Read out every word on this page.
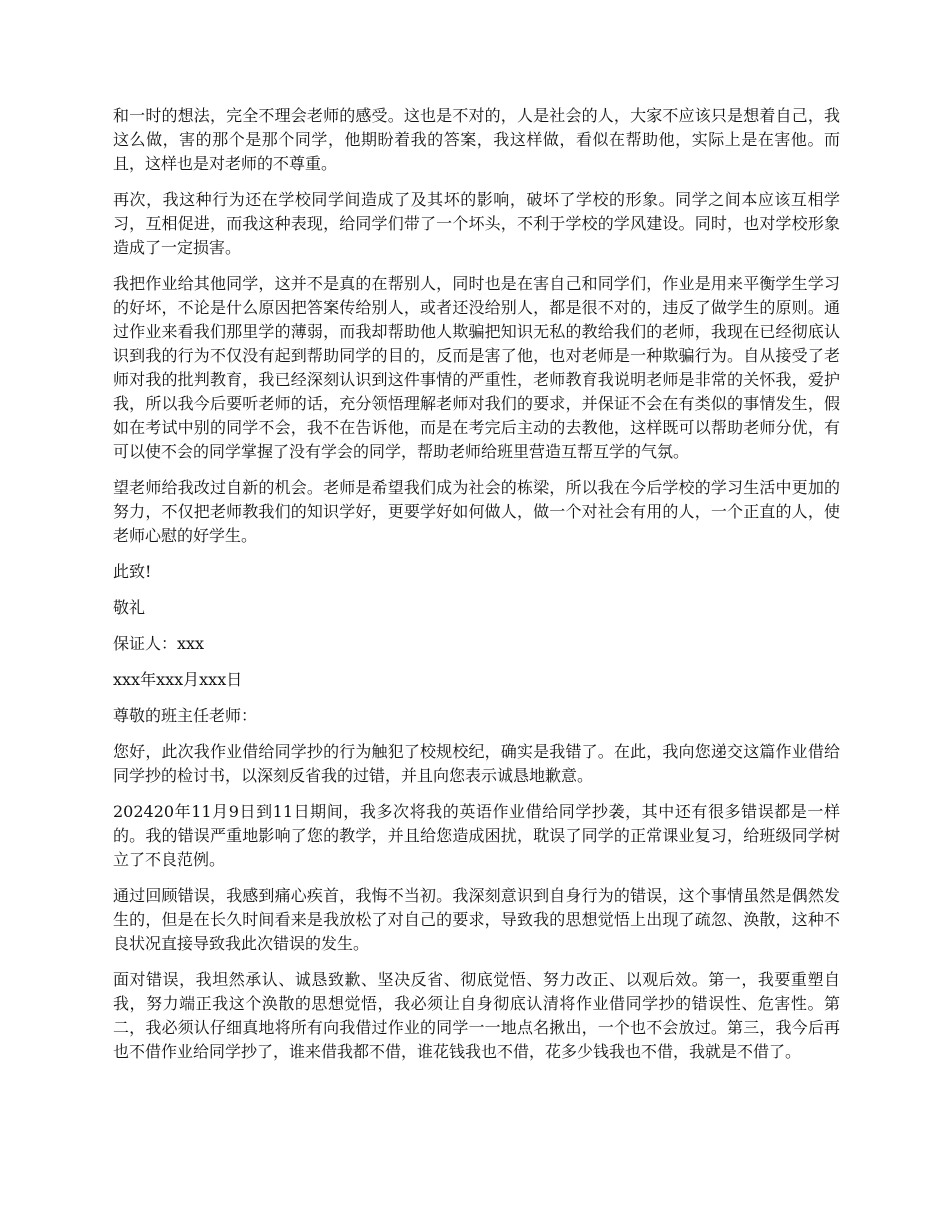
和一时的想法，完全不理会老师的感受。这也是不对的，人是社会的人，大家不应该只是想着自己，我这么做，害的那个是那个同学，他期盼着我的答案，我这样做，看似在帮助他，实际上是在害他。而且，这样也是对老师的不尊重。

再次，我这种行为还在学校同学间造成了及其坏的影响，破坏了学校的形象。同学之间本应该互相学习，互相促进，而我这种表现，给同学们带了一个坏头，不利于学校的学风建设。同时，也对学校形象造成了一定损害。

我把作业给其他同学，这并不是真的在帮别人，同时也是在害自己和同学们，作业是用来平衡学生学习的好坏，不论是什么原因把答案传给别人，或者还没给别人，都是很不对的，违反了做学生的原则。通过作业来看我们那里学的薄弱，而我却帮助他人欺骗把知识无私的教给我们的老师，我现在已经彻底认识到我的行为不仅没有起到帮助同学的目的，反而是害了他，也对老师是一种欺骗行为。自从接受了老师对我的批判教育，我已经深刻认识到这件事情的严重性，老师教育我说明老师是非常的关怀我，爱护我，所以我今后要听老师的话，充分领悟理解老师对我们的要求，并保证不会在有类似的事情发生，假如在考试中别的同学不会，我不在告诉他，而是在考完后主动的去教他，这样既可以帮助老师分优，有可以使不会的同学掌握了没有学会的同学，帮助老师给班里营造互帮互学的气氛。

望老师给我改过自新的机会。老师是希望我们成为社会的栋梁，所以我在今后学校的学习生活中更加的努力，不仅把老师教我们的知识学好，更要学好如何做人，做一个对社会有用的人，一个正直的人，使老师心慰的好学生。

此致!

敬礼

保证人：xxx

xxx年xxx月xxx日

尊敬的班主任老师：

您好，此次我作业借给同学抄的行为触犯了校规校纪，确实是我错了。在此，我向您递交这篇作业借给同学抄的检讨书，以深刻反省我的过错，并且向您表示诚恳地歉意。

202420年11月9日到11日期间，我多次将我的英语作业借给同学抄袭，其中还有很多错误都是一样的。我的错误严重地影响了您的教学，并且给您造成困扰，耽误了同学的正常课业复习，给班级同学树立了不良范例。

通过回顾错误，我感到痛心疾首，我悔不当初。我深刻意识到自身行为的错误，这个事情虽然是偶然发生的，但是在长久时间看来是我放松了对自己的要求，导致我的思想觉悟上出现了疏忽、涣散，这种不良状况直接导致我此次错误的发生。

面对错误，我坦然承认、诚恳致歉、坚决反省、彻底觉悟、努力改正、以观后效。第一，我要重塑自我，努力端正我这个涣散的思想觉悟，我必须让自身彻底认清将作业借同学抄的错误性、危害性。第二，我必须认仔细真地将所有向我借过作业的同学一一地点名揪出，一个也不会放过。第三，我今后再也不借作业给同学抄了，谁来借我都不借，谁花钱我也不借，花多少钱我也不借，我就是不借了。
